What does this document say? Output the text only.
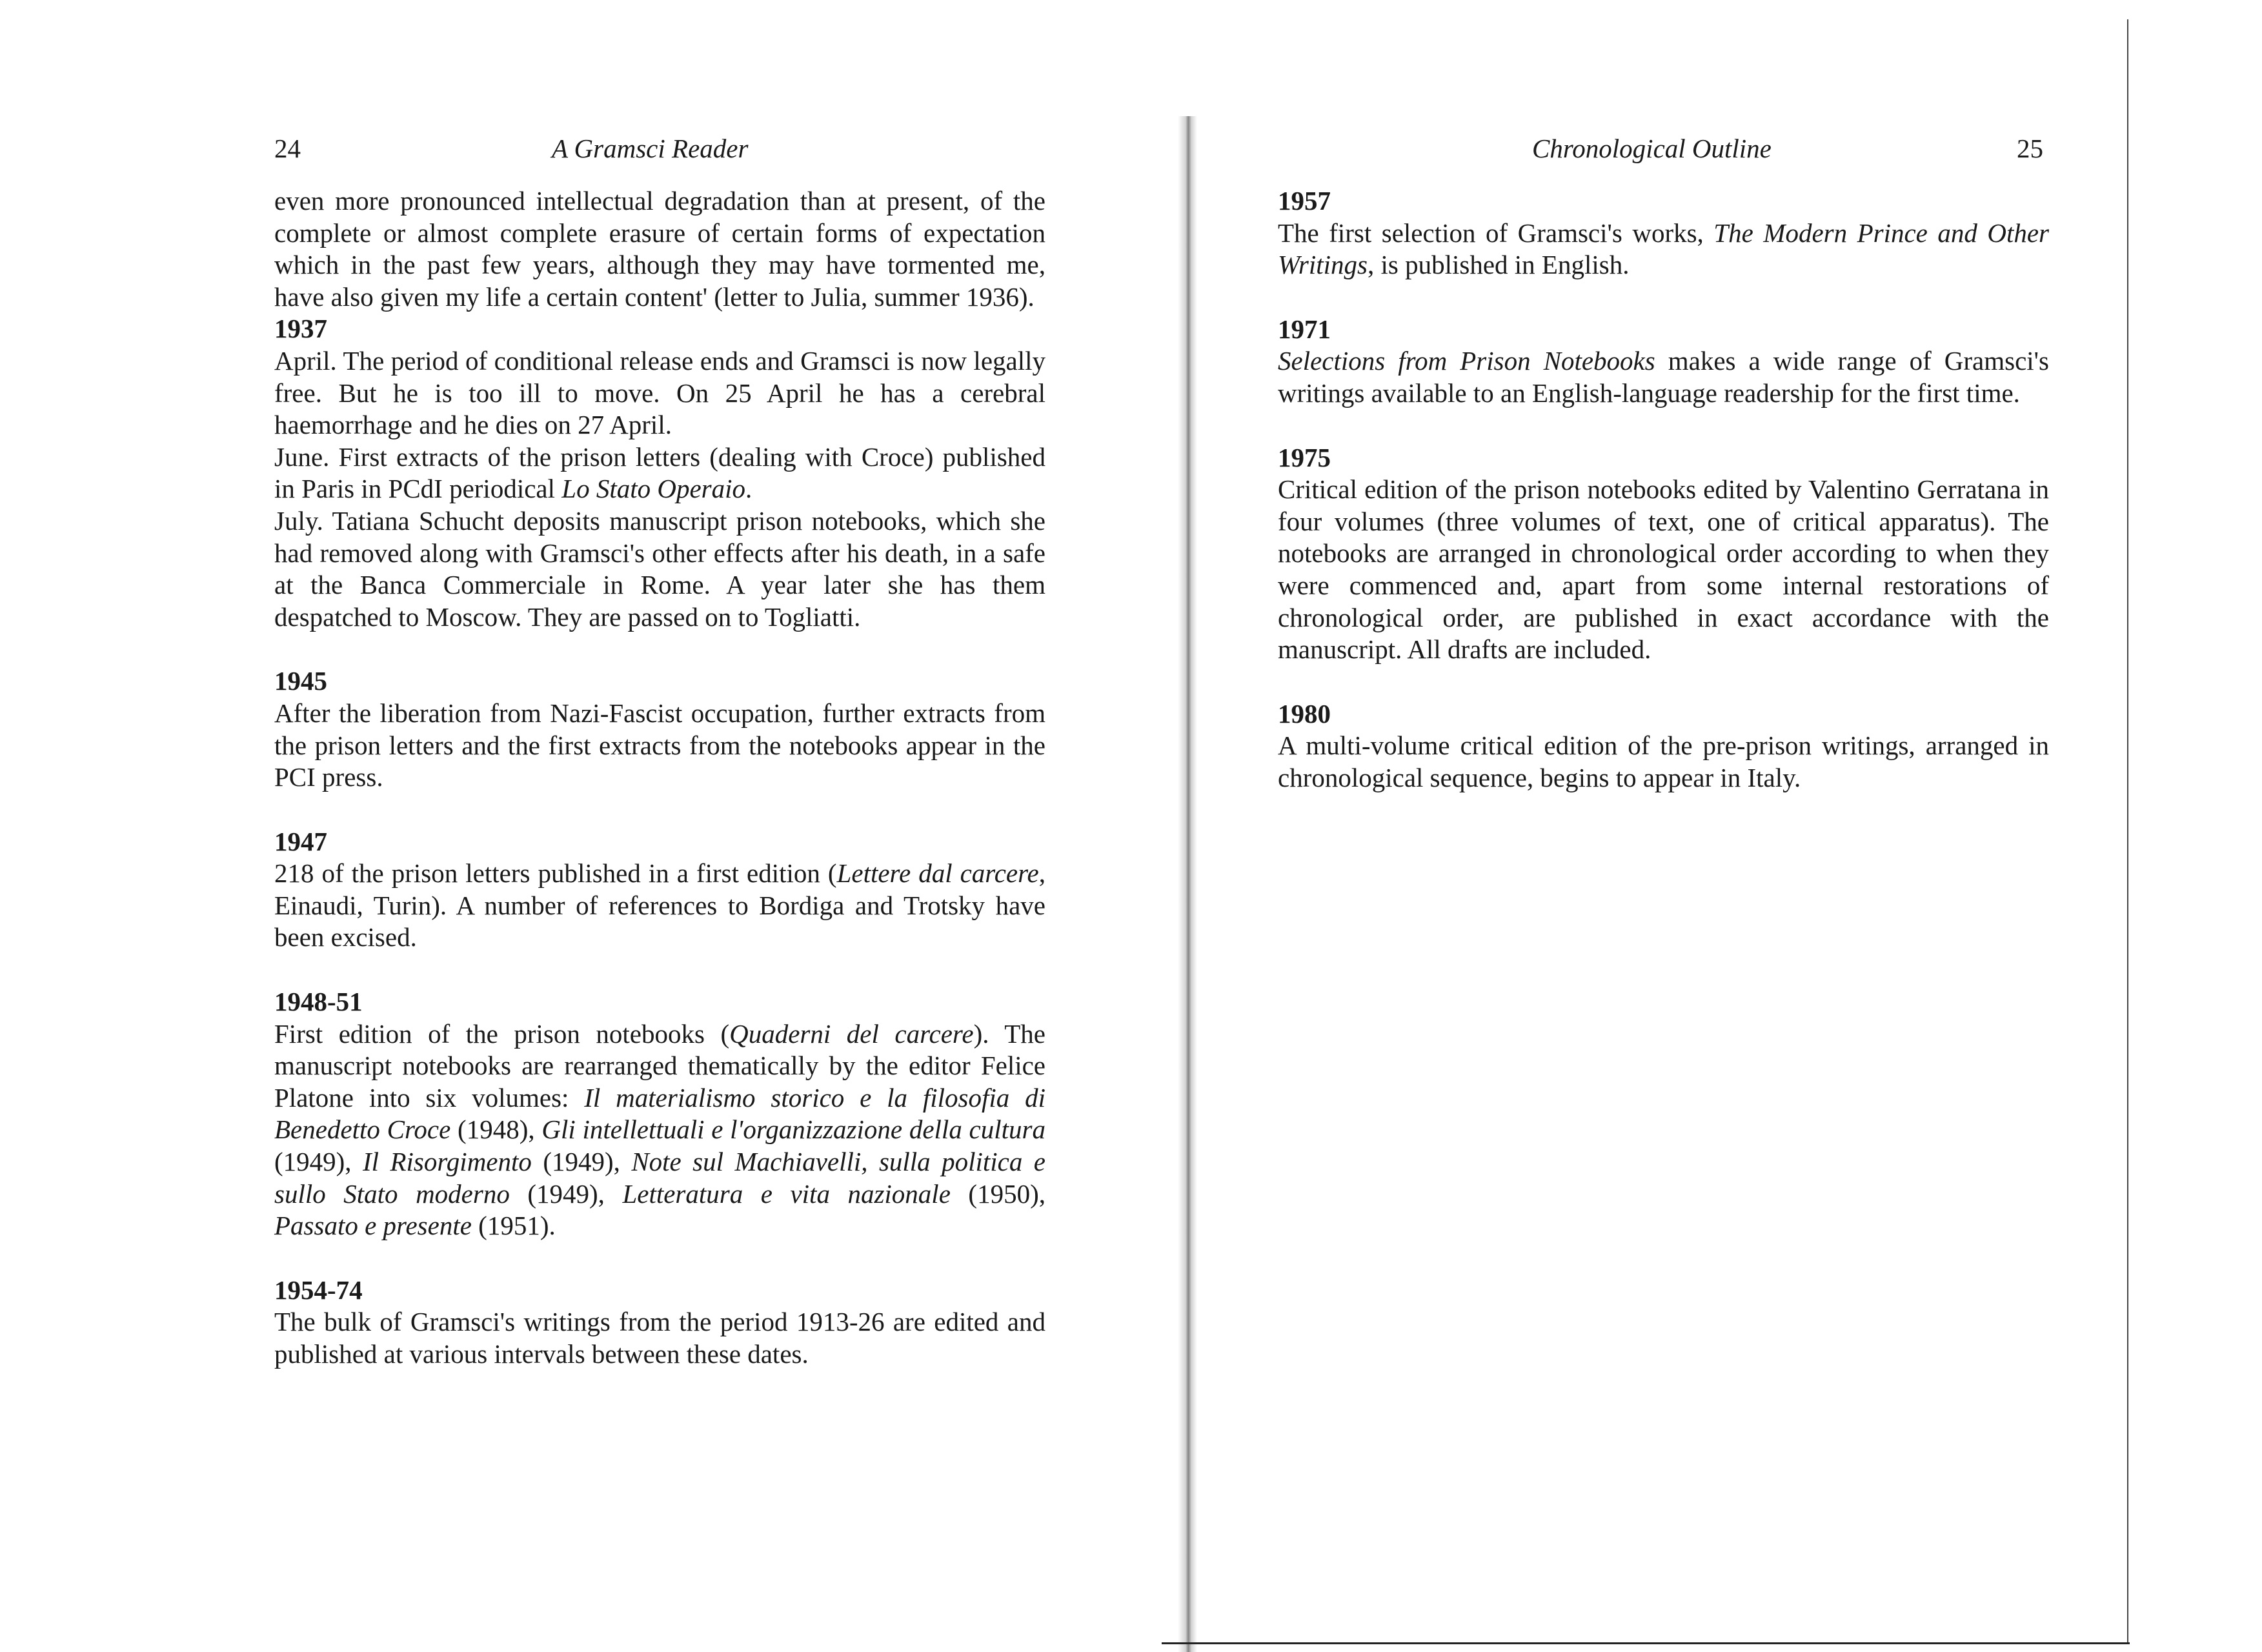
24	A Gramsci Reader

even more pronounced intellectual degradation than at present, of the complete or almost complete erasure of certain forms of expectation which in the past few years, although they may have tormented me, have also given my life a certain content' (letter to Julia, summer 1936).

1937

April. The period of conditional release ends and Gramsci is now legally free. But he is too ill to move. On 25 April he has a cerebral haemorrhage and he dies on 27 April.

June. First extracts of the prison letters (dealing with Croce) published in Paris in PCdI periodical Lo Stato Operaio.

July. Tatiana Schucht deposits manuscript prison notebooks, which she had removed along with Gramsci's other effects after his death, in a safe at the Banca Commerciale in Rome. A year later she has them despatched to Moscow. They are passed on to Togliatti.

1945

After the liberation from Nazi-Fascist occupation, further extracts from the prison letters and the first extracts from the notebooks appear in the PCI press.

1947

218 of the prison letters published in a first edition (Lettere dal carcere, Einaudi, Turin). A number of references to Bordiga and Trotsky have been excised.

1948-51

First edition of the prison notebooks (Quaderni del carcere). The manuscript notebooks are rearranged thematically by the editor Felice Platone into six volumes: Il materialismo storico e la filosofia di Benedetto Croce (1948), Gli intellettuali e l'organizzazione della cultura (1949), Il Risorgimento (1949), Note sul Machiavelli, sulla politica e sullo Stato moderno (1949), Letteratura e vita nazionale (1950), Passato e presente (1951).

1954-74

The bulk of Gramsci's writings from the period 1913-26 are edited and published at various intervals between these dates.

Chronological Outline	25

1957

The first selection of Gramsci's works, The Modern Prince and Other Writings, is published in English.

1971

Selections from Prison Notebooks makes a wide range of Gramsci's writings available to an English-language readership for the first time.

1975

Critical edition of the prison notebooks edited by Valentino Gerratana in four volumes (three volumes of text, one of critical apparatus). The notebooks are arranged in chronological order according to when they were commenced and, apart from some internal restorations of chronological order, are published in exact accordance with the manuscript. All drafts are included.

1980

A multi-volume critical edition of the pre-prison writings, arranged in chronological sequence, begins to appear in Italy.
